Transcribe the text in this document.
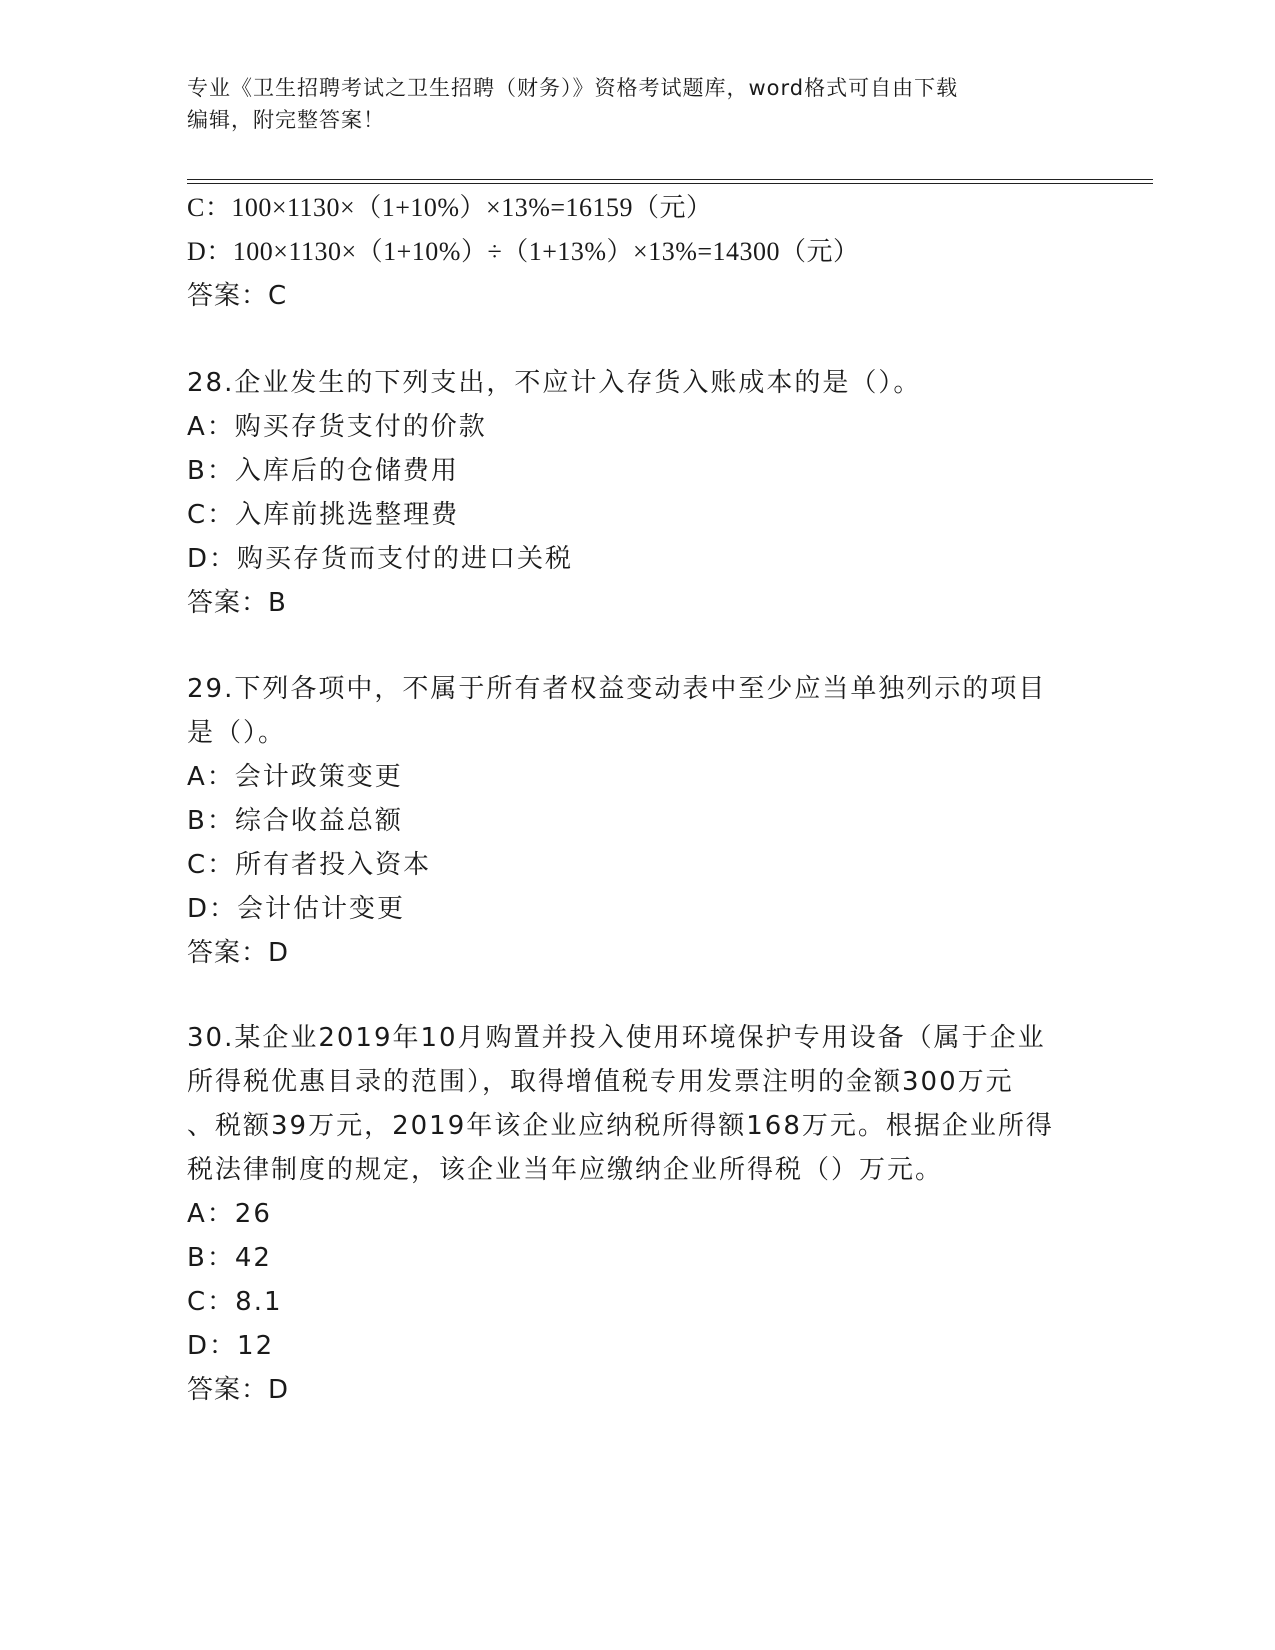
专业《卫生招聘考试之卫生招聘（财务）》资格考试题库，word格式可自由下载
编辑，附完整答案！
C：100×1130×（1+10%）×13%=16159（元）
D：100×1130×（1+10%）÷（1+13%）×13%=14300（元）
答案：C
28.企业发生的下列支出，不应计入存货入账成本的是（）。
A：购买存货支付的价款
B：入库后的仓储费用
C：入库前挑选整理费
D：购买存货而支付的进口关税
答案：B
29.下列各项中，不属于所有者权益变动表中至少应当单独列示的项目
是（）。
A：会计政策变更
B：综合收益总额
C：所有者投入资本
D：会计估计变更
答案：D
30.某企业2019年10月购置并投入使用环境保护专用设备（属于企业
所得税优惠目录的范围），取得增值税专用发票注明的金额300万元
、税额39万元，2019年该企业应纳税所得额168万元。根据企业所得
税法律制度的规定，该企业当年应缴纳企业所得税（）万元。
A：26
B：42
C：8.1
D：12
答案：D
